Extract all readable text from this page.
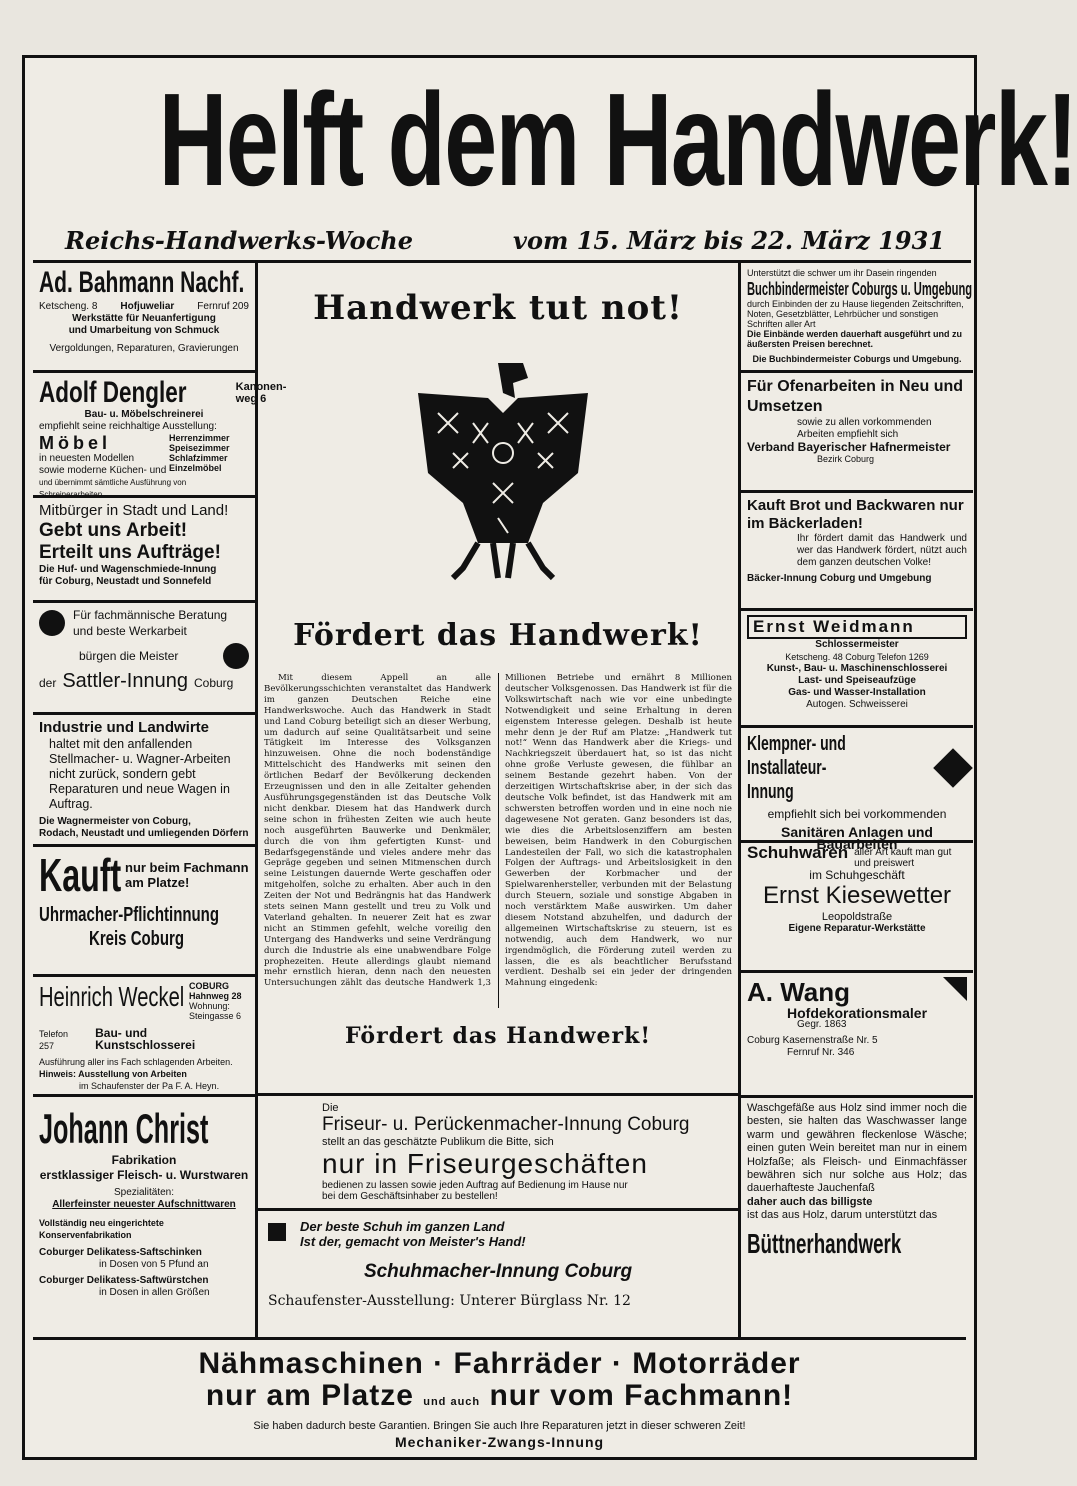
Helft dem Handwerk!
Reichs-Handwerks-Woche	vom 15. März bis 22. März 1931
Ad. Bahmann Nachf.
Ketscheng. 8 Hofjuweliar Fernruf 209
Werkstätte für Neuanfertigung
und Umarbeitung von Schmuck
Vergoldungen, Reparaturen, Gravierungen
Adolf Dengler	Kanonen-weg 6
Bau- u. Möbelschreinerei
empfiehlt seine reichhaltige Ausstellung:
Möbel
in neuesten Modellen
sowie moderne Küchen- und
Herrenzimmer Speisezimmer Schlafzimmer Einzelmöbel
und übernimmt sämtliche Ausführung von Schreinerarbeiten
Mitbürger in Stadt und Land!
Gebt uns Arbeit!
Erteilt uns Aufträge!
Die Huf- und Wagenschmiede-Innung
für Coburg, Neustadt und Sonnefeld
Für fachmännische Beratung
und beste Werkarbeit
bürgen die Meister
der Sattler-Innung Coburg
Industrie und Landwirte
haltet mit den anfallenden Stellmacher- u. Wagner-Arbeiten nicht zurück, sondern gebt Reparaturen und neue Wagen in Auftrag.
Die Wagnermeister von Coburg,
Rodach, Neustadt und umliegenden Dörfern
Kauft nur beim Fachmann am Platze!
Uhrmacher-Pflichtinnung
Kreis Coburg
Heinrich Weckel COBURG
Hahnweg 28
Wohnung:
Steingasse 6
Telefon 257
Bau- und Kunstschlosserei
Ausführung aller ins Fach schlagenden Arbeiten.
Hinweis: Ausstellung von Arbeiten
im Schaufenster der Pa F. A. Heyn.
Johann Christ
Fabrikation
erstklassiger Fleisch- u. Wurstwaren
Spezialitäten:
Allerfeinster neuester Aufschnittwaren
Vollständig neu eingerichtete Konservenfabrikation
Coburger Delikatess-Saftschinken
in Dosen von 5 Pfund an
Coburger Delikatess-Saftwürstchen
in Dosen in allen Größen
Handwerk tut not!
Fördert das Handwerk!

Mit diesem Appell an alle Bevölkerungsschichten veranstaltet das Handwerk im ganzen Deutschen Reiche eine Handwerkswoche. Auch das Handwerk in Stadt und Land Coburg beteiligt sich an dieser Werbung, um dadurch auf seine Qualitätsarbeit und seine Tätigkeit im Interesse des Volksganzen hinzuweisen. Ohne die noch bodenständige Mittelschicht des Handwerks mit seinen den örtlichen Bedarf der Bevölkerung deckenden Erzeugnissen und den in alle Zeitalter gehenden Ausführungsgegenständen ist das Deutsche Volk nicht denkbar. Diesem hat das Handwerk durch seine schon in frühesten Zeiten wie auch heute noch ausgeführten Bauwerke und Denkmäler, durch die von ihm gefertigten Kunst- und Bedarfsgegenstände und vieles andere mehr das Gepräge gegeben und seinen Mitmenschen durch seine Leistungen dauernde Werte geschaffen oder mitgeholfen, solche zu erhalten. Aber auch in den Zeiten der Not und Bedrängnis hat das Handwerk stets seinen Mann gestellt und treu zu Volk und Vaterland gehalten. In neuerer Zeit hat es zwar nicht an Stimmen gefehlt, welche voreilig den Untergang des Handwerks und seine Verdrängung durch die Industrie als eine unabwendbare Folge prophezeiten. Heute allerdings glaubt niemand mehr ernstlich hieran, denn nach den neuesten Untersuchungen zählt das deutsche Handwerk 1,3 Millionen Betriebe und ernährt 8 Millionen deutscher Volksgenossen. Das Handwerk ist für die Volkswirtschaft nach wie vor eine unbedingte Notwendigkeit und seine Erhaltung in deren eigenstem Interesse gelegen. Deshalb ist heute mehr denn je der Ruf am Platze: „Handwerk tut not!“ Wenn das Handwerk aber die Kriegs- und Nachkriegszeit überdauert hat, so ist das nicht ohne große Verluste gewesen, die fühlbar an seinem Bestande gezehrt haben. Von der derzeitigen Wirtschaftskrise aber, in der sich das deutsche Volk befindet, ist das Handwerk mit am schwersten betroffen worden und in eine noch nie dagewesene Not geraten. Ganz besonders ist das, wie dies die Arbeitslosenziffern am besten beweisen, beim Handwerk in den Coburgischen Landesteilen der Fall, wo sich die katastrophalen Folgen der Auftrags- und Arbeitslosigkeit in den Gewerben der Korbmacher und der Spielwarenhersteller, verbunden mit der Belastung durch Steuern, soziale und sonstige Abgaben in noch verstärktem Maße auswirken. Um daher diesem Notstand abzuhelfen, und dadurch der allgemeinen Wirtschaftskrise zu steuern, ist es notwendig, auch dem Handwerk, wo nur irgendmöglich, die Förderung zuteil werden zu lassen, die es als beachtlicher Berufsstand verdient. Deshalb sei ein jeder der dringenden Mahnung eingedenk:

Fördert das Handwerk!
Die
Friseur- u. Perückenmacher-Innung Coburg
stellt an das geschätzte Publikum die Bitte, sich
nur in Friseurgeschäften
bedienen zu lassen sowie jeden Auftrag auf Bedienung im Hause nur
bei dem Geschäftsinhaber zu bestellen!
Der beste Schuh im ganzen Land
Ist der, gemacht von Meister's Hand!
Schuhmacher-Innung Coburg
Schaufenster-Ausstellung: Unterer Bürglass Nr. 12
Unterstützt die schwer um ihr Dasein ringenden
Buchbindermeister Coburgs u. Umgebung
durch Einbinden der zu Hause liegenden Zeitschriften, Noten, Gesetzblätter, Lehrbücher und sonstigen Schriften aller Art
Die Einbände werden dauerhaft ausgeführt und zu äußersten Preisen berechnet.
Die Buchbindermeister Coburgs und Umgebung.
Für Ofenarbeiten in Neu und Umsetzen
sowie zu allen vorkommenden Arbeiten empfiehlt sich
Verband Bayerischer Hafnermeister
Bezirk Coburg
Kauft Brot und Backwaren nur im Bäckerladen!
Ihr fördert damit das Handwerk und wer das Handwerk fördert, nützt auch dem ganzen deutschen Volke!
Bäcker-Innung Coburg und Umgebung
Ernst Weidmann
Schlossermeister
Ketscheng. 48 Coburg Telefon 1269
Kunst-, Bau- u. Maschinenschlosserei
Last- und Speiseaufzüge
Gas- und Wasser-Installation
Autogen. Schweisserei
Klempner- und Installateur-Innung
empfiehlt sich bei vorkommenden
Sanitären Anlagen und Bauarbeiten
Schuhwaren aller Art kauft man gut und preiswert
im Schuhgeschäft
Ernst Kiesewetter
Leopoldstraße
Eigene Reparatur-Werkstätte
A. Wang
Hofdekorationsmaler
Gegr. 1863
Coburg Kasernenstraße Nr. 5
Fernruf Nr. 346
Waschgefäße aus Holz sind immer noch die besten, sie halten das Waschwasser lange warm und gewähren fleckenlose Wäsche; einen guten Wein bereitet man nur in einem Holzfaße; als Fleisch- und Einmachfässer bewähren sich nur solche aus Holz; das dauerhafteste Jauchenfaß
daher auch das billigste
ist das aus Holz, darum unterstützt das
Büttnerhandwerk
Nähmaschinen · Fahrräder · Motorräder
nur am Platze und auch nur vom Fachmann!
Sie haben dadurch beste Garantien. Bringen Sie auch Ihre Reparaturen jetzt in dieser schweren Zeit!
Mechaniker-Zwangs-Innung
